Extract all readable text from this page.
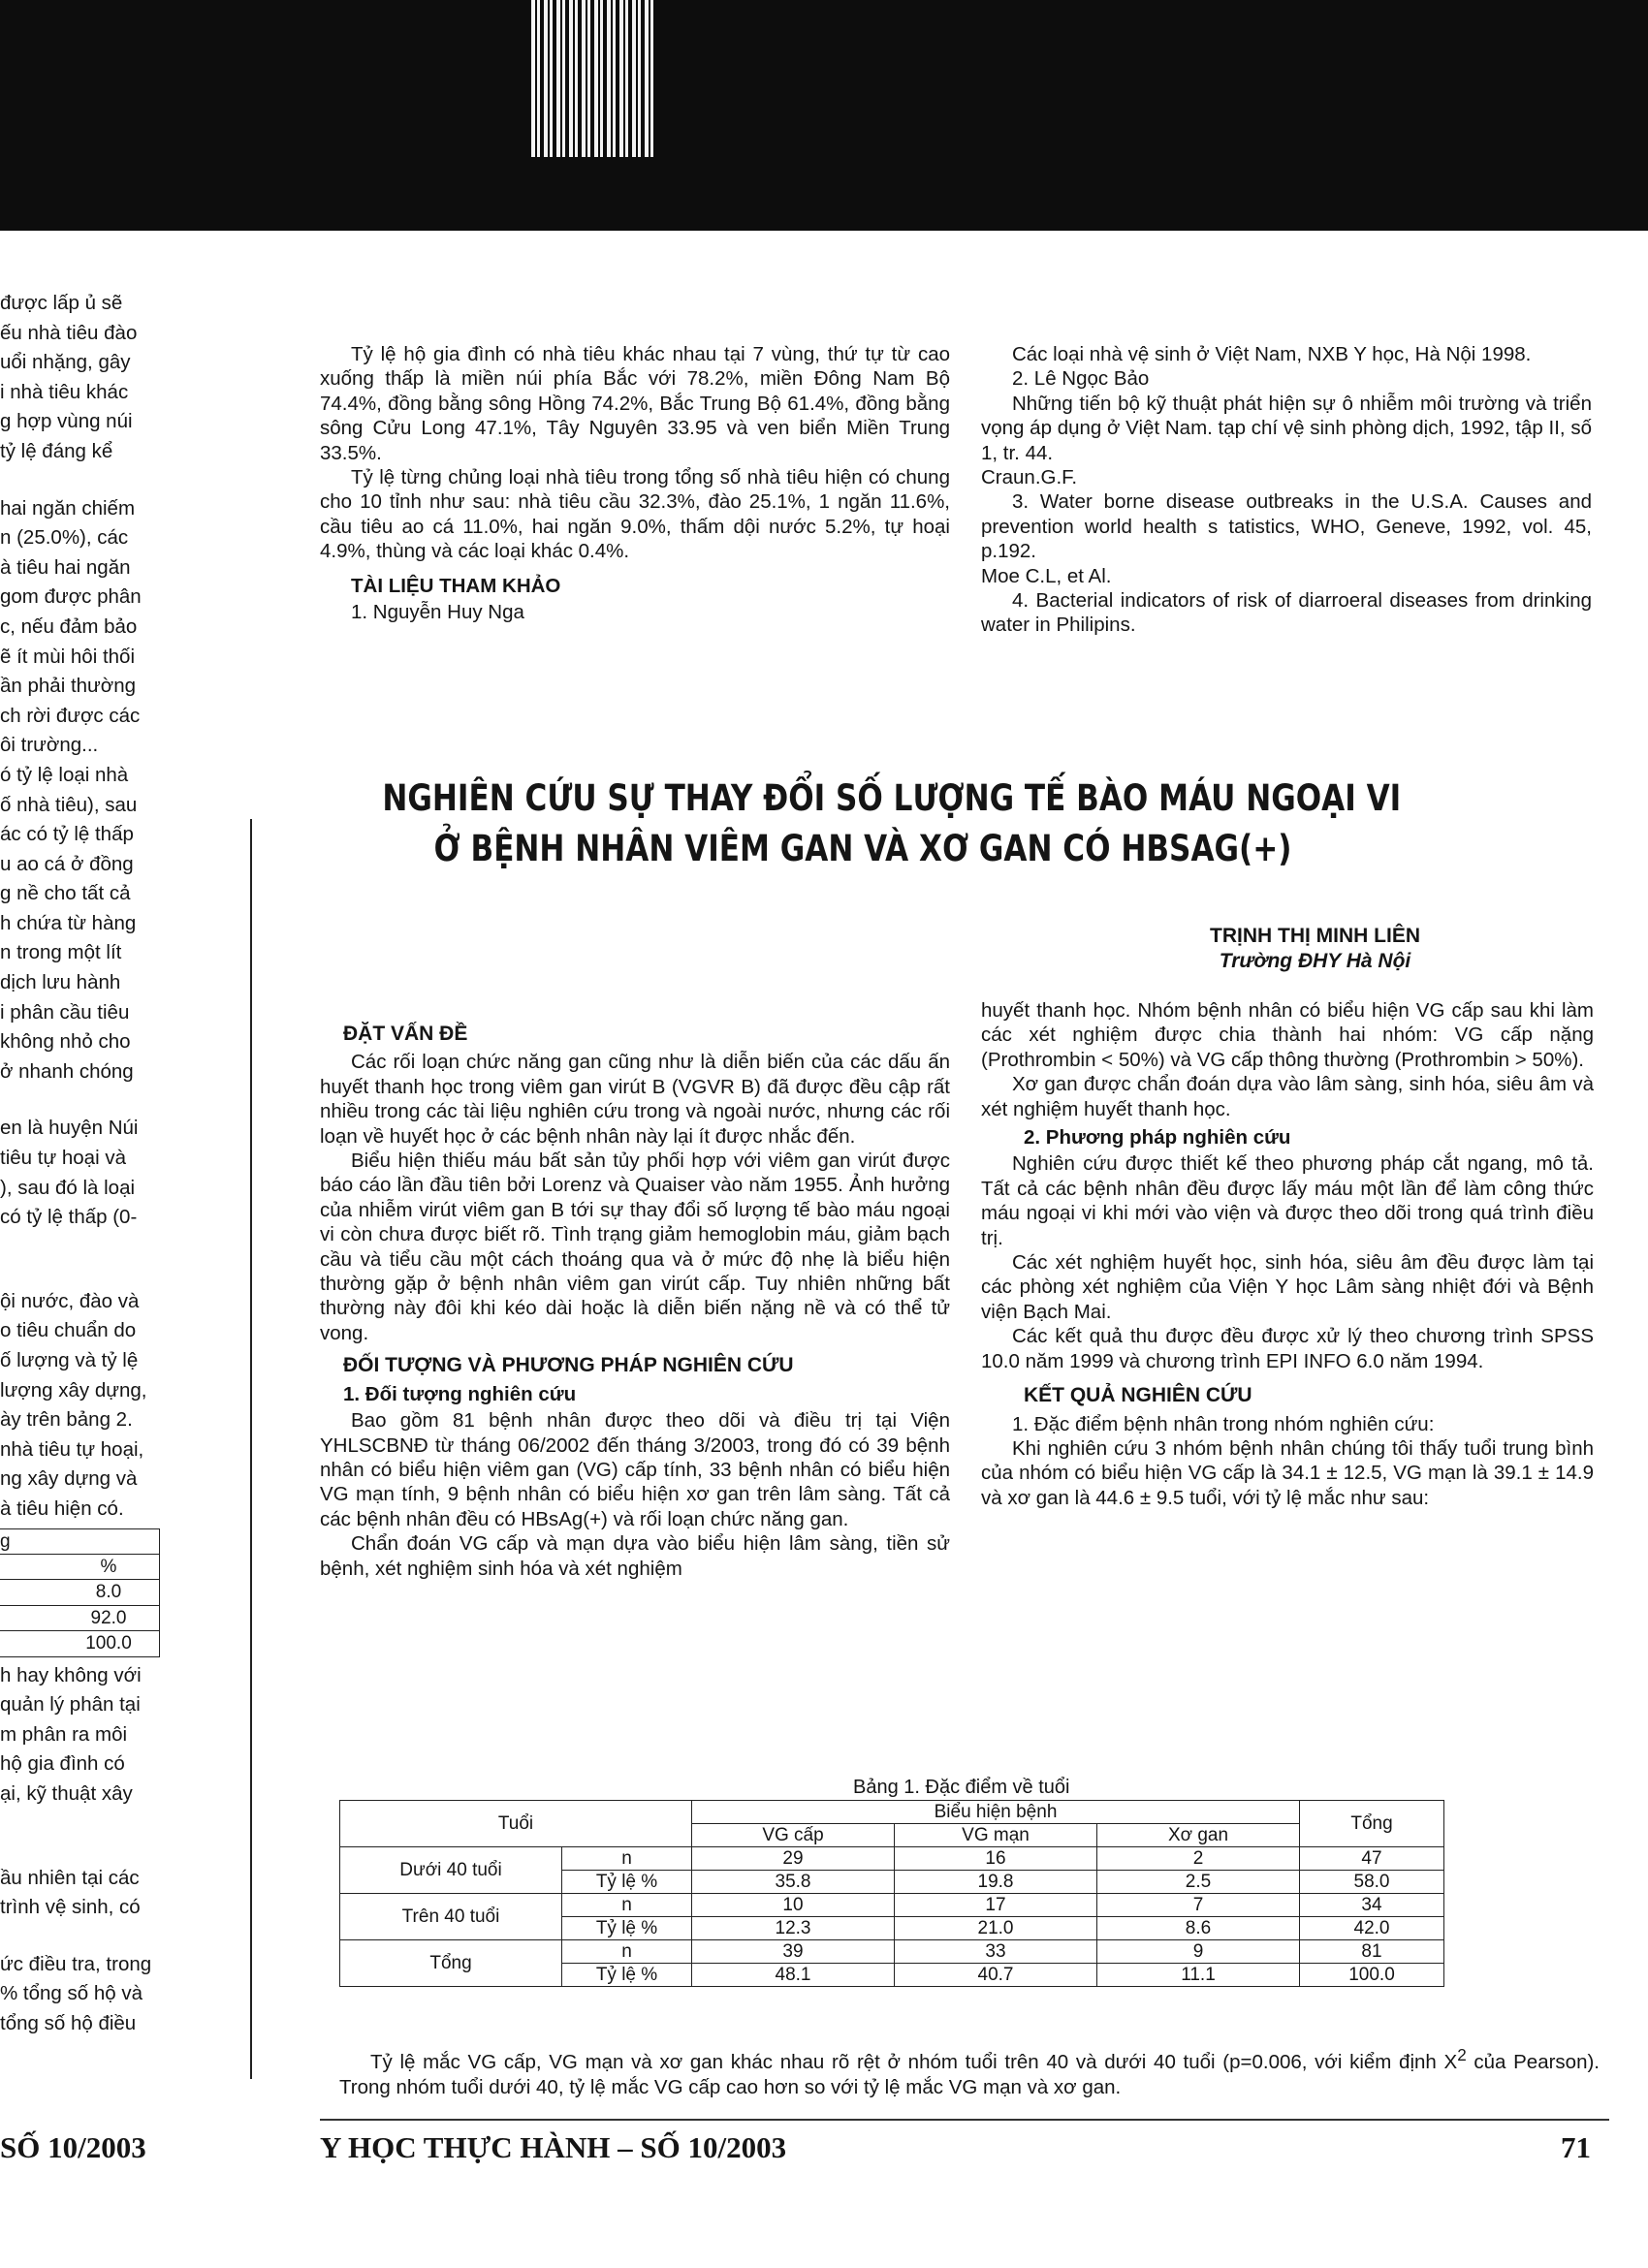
được lấp ủ sẽ
ếu nhà tiêu đào
uổi nhặng, gây
i nhà tiêu khác
g hợp vùng núi
tỷ lệ đáng kể
hai ngăn chiếm
n (25.0%), các
à tiêu hai ngăn
gom được phân
c, nếu đảm bảo
ẽ ít mùi hôi thối
ần phải thường
ch rời được các
ôi trường...
ó tỷ lệ loại nhà
ố nhà tiêu), sau
ác có tỷ lệ thấp
u ao cá ở đồng
g nề cho tất cả
h chứa từ hàng
n trong một lít
dịch lưu hành
i phân cầu tiêu
không nhỏ cho
ở nhanh chóng
en là huyện Núi
tiêu tự hoại và
), sau đó là loại
có tỷ lệ thấp (0-
ội nước, đào và
o tiêu chuẩn do
ố lượng và tỷ lệ
lượng xây dựng,
ày trên bảng 2.
nhà tiêu tự hoại,
ng xây dựng và
à tiêu hiện có.
g
%
8.0
92.0
100.0
h hay không với
quản lý phân tại
m phân ra môi
hộ gia đình có
ại, kỹ thuật xây
ầu nhiên tại các
trình vệ sinh, có
ức điều tra, trong
% tổng số hộ và
tổng số hộ điều

Tỷ lệ hộ gia đình có nhà tiêu khác nhau tại 7 vùng, thứ tự từ cao xuống thấp là miền núi phía Bắc với 78.2%, miền Đông Nam Bộ 74.4%, đồng bằng sông Hồng 74.2%, Bắc Trung Bộ 61.4%, đồng bằng sông Cửu Long 47.1%, Tây Nguyên 33.95 và ven biển Miền Trung 33.5%.

Tỷ lệ từng chủng loại nhà tiêu trong tổng số nhà tiêu hiện có chung cho 10 tỉnh như sau: nhà tiêu cầu 32.3%, đào 25.1%, 1 ngăn 11.6%, cầu tiêu ao cá 11.0%, hai ngăn 9.0%, thấm dội nước 5.2%, tự hoại 4.9%, thùng và các loại khác 0.4%.

TÀI LIỆU THAM KHẢO

1. Nguyễn Huy Nga

Các loại nhà vệ sinh ở Việt Nam, NXB Y học, Hà Nội 1998.

2. Lê Ngọc Bảo

Những tiến bộ kỹ thuật phát hiện sự ô nhiễm môi trường và triển vọng áp dụng ở Việt Nam. tạp chí vệ sinh phòng dịch, 1992, tập II, số 1, tr. 44.

Craun.G.F.

3. Water borne disease outbreaks in the U.S.A. Causes and prevention world health s tatistics, WHO, Geneve, 1992, vol. 45, p.192.

Moe C.L, et Al.

4. Bacterial indicators of risk of diarroeral diseases from drinking water in Philipins.

NGHIÊN CỨU SỰ THAY ĐỔI SỐ LƯỢNG TẾ BÀO MÁU NGOẠI VI
Ở BỆNH NHÂN VIÊM GAN VÀ XƠ GAN CÓ HBSAG(+)
TRỊNH THỊ MINH LIÊN
Trường ĐHY Hà Nội
ĐẶT VẤN ĐỀ

Các rối loạn chức năng gan cũng như là diễn biến của các dấu ấn huyết thanh học trong viêm gan virút B (VGVR B) đã được đều cập rất nhiều trong các tài liệu nghiên cứu trong và ngoài nước, nhưng các rối loạn về huyết học ở các bệnh nhân này lại ít được nhắc đến.

Biểu hiện thiếu máu bất sản tủy phối hợp với viêm gan virút được báo cáo lần đầu tiên bởi Lorenz và Quaiser vào năm 1955. Ảnh hưởng của nhiễm virút viêm gan B tới sự thay đổi số lượng tế bào máu ngoại vi còn chưa được biết rõ. Tình trạng giảm hemoglobin máu, giảm bạch cầu và tiểu cầu một cách thoáng qua và ở mức độ nhẹ là biểu hiện thường gặp ở bệnh nhân viêm gan virút cấp. Tuy nhiên những bất thường này đôi khi kéo dài hoặc là diễn biến nặng nề và có thể tử vong.

ĐỐI TƯỢNG VÀ PHƯƠNG PHÁP NGHIÊN CỨU
1. Đối tượng nghiên cứu

Bao gồm 81 bệnh nhân được theo dõi và điều trị tại Viện YHLSCBNĐ từ tháng 06/2002 đến tháng 3/2003, trong đó có 39 bệnh nhân có biểu hiện viêm gan (VG) cấp tính, 33 bệnh nhân có biểu hiện VG mạn tính, 9 bệnh nhân có biểu hiện xơ gan trên lâm sàng. Tất cả các bệnh nhân đều có HBsAg(+) và rối loạn chức năng gan.

Chẩn đoán VG cấp và mạn dựa vào biểu hiện lâm sàng, tiền sử bệnh, xét nghiệm sinh hóa và xét nghiệm

huyết thanh học. Nhóm bệnh nhân có biểu hiện VG cấp sau khi làm các xét nghiệm được chia thành hai nhóm: VG cấp nặng (Prothrombin < 50%) và VG cấp thông thường (Prothrombin > 50%).

Xơ gan được chẩn đoán dựa vào lâm sàng, sinh hóa, siêu âm và xét nghiệm huyết thanh học.

2. Phương pháp nghiên cứu

Nghiên cứu được thiết kế theo phương pháp cắt ngang, mô tả. Tất cả các bệnh nhân đều được lấy máu một lần để làm công thức máu ngoại vi khi mới vào viện và được theo dõi trong quá trình điều trị.

Các xét nghiệm huyết học, sinh hóa, siêu âm đều được làm tại các phòng xét nghiệm của Viện Y học Lâm sàng nhiệt đới và Bệnh viện Bạch Mai.

Các kết quả thu được đều được xử lý theo chương trình SPSS 10.0 năm 1999 và chương trình EPI INFO 6.0 năm 1994.

KẾT QUẢ NGHIÊN CỨU

1. Đặc điểm bệnh nhân trong nhóm nghiên cứu:

Khi nghiên cứu 3 nhóm bệnh nhân chúng tôi thấy tuổi trung bình của nhóm có biểu hiện VG cấp là 34.1 ± 12.5, VG mạn là 39.1 ± 14.9 và xơ gan là 44.6 ± 9.5 tuổi, với tỷ lệ mắc như sau:

Bảng 1. Đặc điểm về tuổi
Tuổi		Biểu hiện bệnh			Tổng
		VG cấp	VG mạn	Xơ gan	
Dưới 40 tuổi	n	29	16	2	47
	Tỷ lệ %	35.8	19.8	2.5	58.0
Trên 40 tuổi	n	10	17	7	34
	Tỷ lệ %	12.3	21.0	8.6	42.0
Tổng	n	39	33	9	81
	Tỷ lệ %	48.1	40.7	11.1	100.0
Tỷ lệ mắc VG cấp, VG mạn và xơ gan khác nhau rõ rệt ở nhóm tuổi trên 40 và dưới 40 tuổi (p=0.006, với kiểm định $X^2$ của Pearson). Trong nhóm tuổi dưới 40, tỷ lệ mắc VG cấp cao hơn so với tỷ lệ mắc VG mạn và xơ gan.
SỐ 10/2003	Y HỌC THỰC HÀNH – SỐ 10/2003	71
